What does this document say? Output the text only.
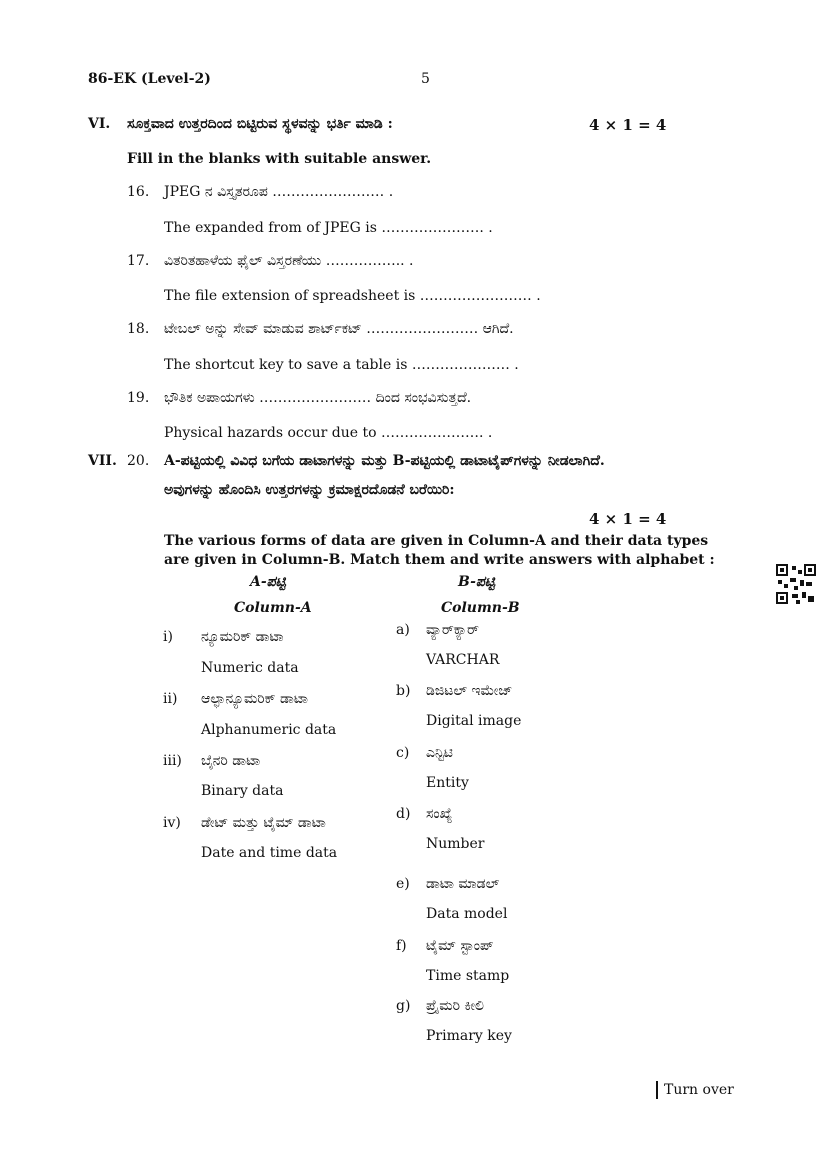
86-EK (Level-2)	5
VI. ಸೂಕ್ತವಾದ ಉತ್ತರದಿಂದ ಬಿಟ್ಟಿರುವ ಸ್ಥಳವನ್ನು ಭರ್ತಿ ಮಾಡಿ :	4 × 1 = 4
Fill in the blanks with suitable answer.
16. JPEG ನ ವಿಸ್ತೃತರೂಪ …………………… .
The expanded from of JPEG is …………………. .
17. ವಿತರಿತಹಾಳೆಯ ಫೈಲ್ ವಿಸ್ತರಣೆಯು …………….. .
The file extension of spreadsheet is …………………… .
18. ಟೇಬಲ್ ಅನ್ನು ಸೇವ್ ಮಾಡುವ ಶಾರ್ಟ್‌ಕಟ್ …………………… ಆಗಿದೆ.
The shortcut key to save a table is ………………… .
19. ಭೌತಿಕ ಅಪಾಯಗಳು …………………… ದಿಂದ ಸಂಭವಿಸುತ್ತದೆ.
Physical hazards occur due to …………………. .
VII. 20. A-ಪಟ್ಟಿಯಲ್ಲಿ ವಿವಿಧ ಬಗೆಯ ಡಾಟಾಗಳನ್ನು ಮತ್ತು B-ಪಟ್ಟಿಯಲ್ಲಿ ಡಾಟಾಟೈಪ್‌ಗಳನ್ನು ನೀಡಲಾಗಿದೆ.
ಅವುಗಳನ್ನು ಹೊಂದಿಸಿ ಉತ್ತರಗಳನ್ನು ಕ್ರಮಾಕ್ಷರದೊಡನೆ ಬರೆಯಿರಿ:
4 × 1 = 4
The various forms of data are given in Column-A and their data types
are given in Column-B. Match them and write answers with alphabet :
A-ಪಟ್ಟಿ
Column-A
B-ಪಟ್ಟಿ
Column-B
i) ನ್ಯೂಮರಿಕ್ ಡಾಟಾ
Numeric data
ii) ಆಲ್ಫಾನ್ಯೂಮರಿಕ್ ಡಾಟಾ
Alphanumeric data
iii) ಬೈನರಿ ಡಾಟಾ
Binary data
iv) ಡೇಟ್ ಮತ್ತು ಟೈಮ್ ಡಾಟಾ
Date and time data
a) ವ್ಯಾರ್‌ಕ್ಯಾರ್
VARCHAR
b) ಡಿಜಿಟಲ್ ಇಮೇಜ್
Digital image
c) ಎನ್ಟಿಟಿ
Entity
d) ಸಂಖ್ಯೆ
Number
e) ಡಾಟಾ ಮಾಡಲ್
Data model
f) ಟೈಮ್ ಸ್ಟಾಂಪ್
Time stamp
g) ಪ್ರೈಮರಿ ಕೀಲಿ
Primary key
Turn over
